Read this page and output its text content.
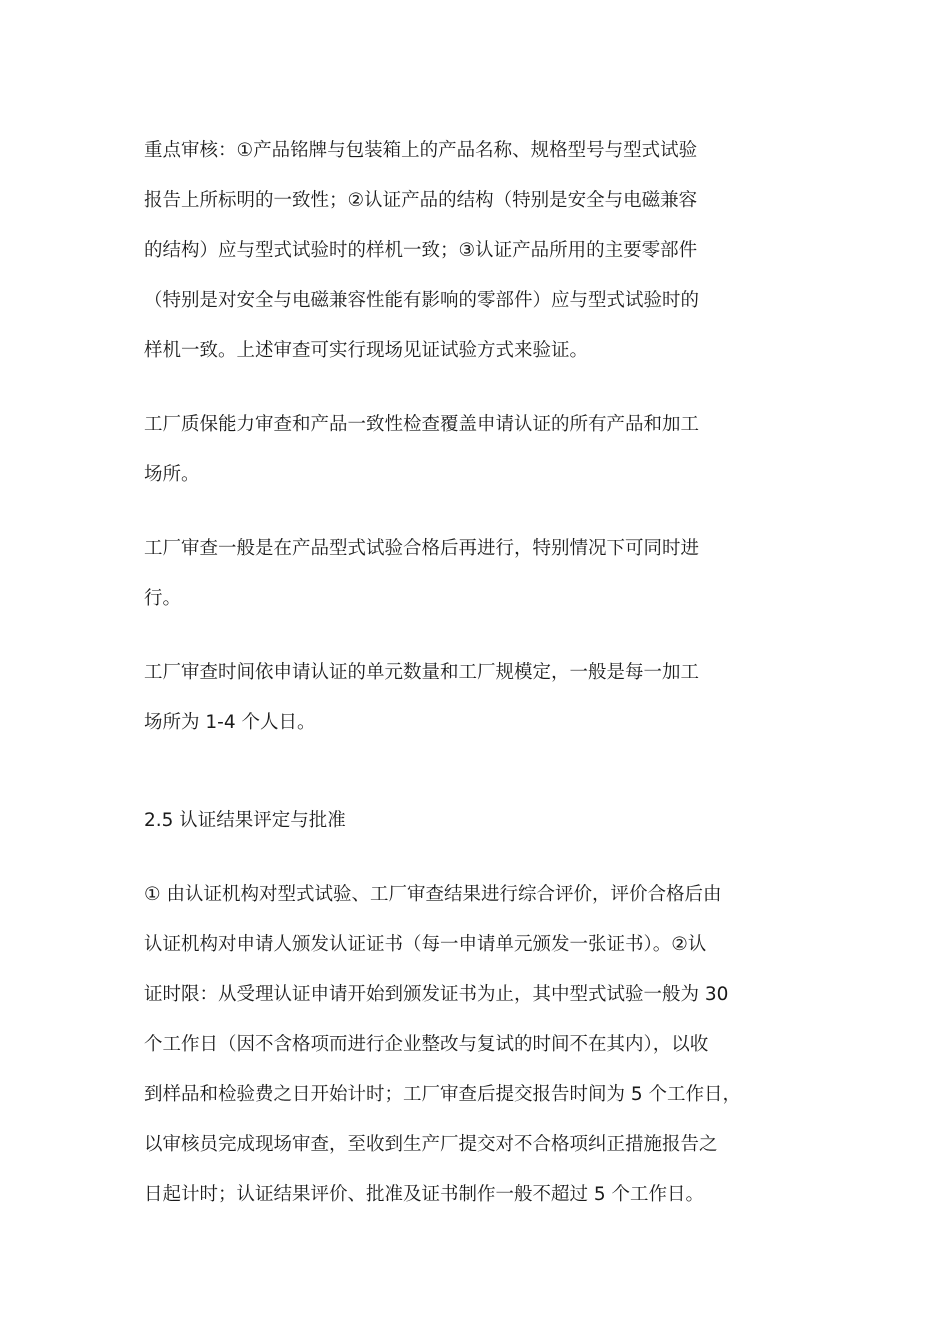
重点审核：①产品铭牌与包装箱上的产品名称、规格型号与型式试验
报告上所标明的一致性；②认证产品的结构（特别是安全与电磁兼容
的结构）应与型式试验时的样机一致；③认证产品所用的主要零部件
（特别是对安全与电磁兼容性能有影响的零部件）应与型式试验时的
样机一致。上述审查可实行现场见证试验方式来验证。

工厂质保能力审查和产品一致性检查覆盖申请认证的所有产品和加工
场所。

工厂审查一般是在产品型式试验合格后再进行，特别情况下可同时进
行。

工厂审查时间依申请认证的单元数量和工厂规模定，一般是每一加工
场所为 1-4 个人日。

2.5 认证结果评定与批准

① 由认证机构对型式试验、工厂审查结果进行综合评价，评价合格后由
认证机构对申请人颁发认证证书（每一申请单元颁发一张证书）。②认
证时限：从受理认证申请开始到颁发证书为止，其中型式试验一般为 30
个工作日（因不含格项而进行企业整改与复试的时间不在其内），以收
到样品和检验费之日开始计时；工厂审查后提交报告时间为 5 个工作日，
以审核员完成现场审查，至收到生产厂提交对不合格项纠正措施报告之
日起计时；认证结果评价、批准及证书制作一般不超过 5 个工作日。
